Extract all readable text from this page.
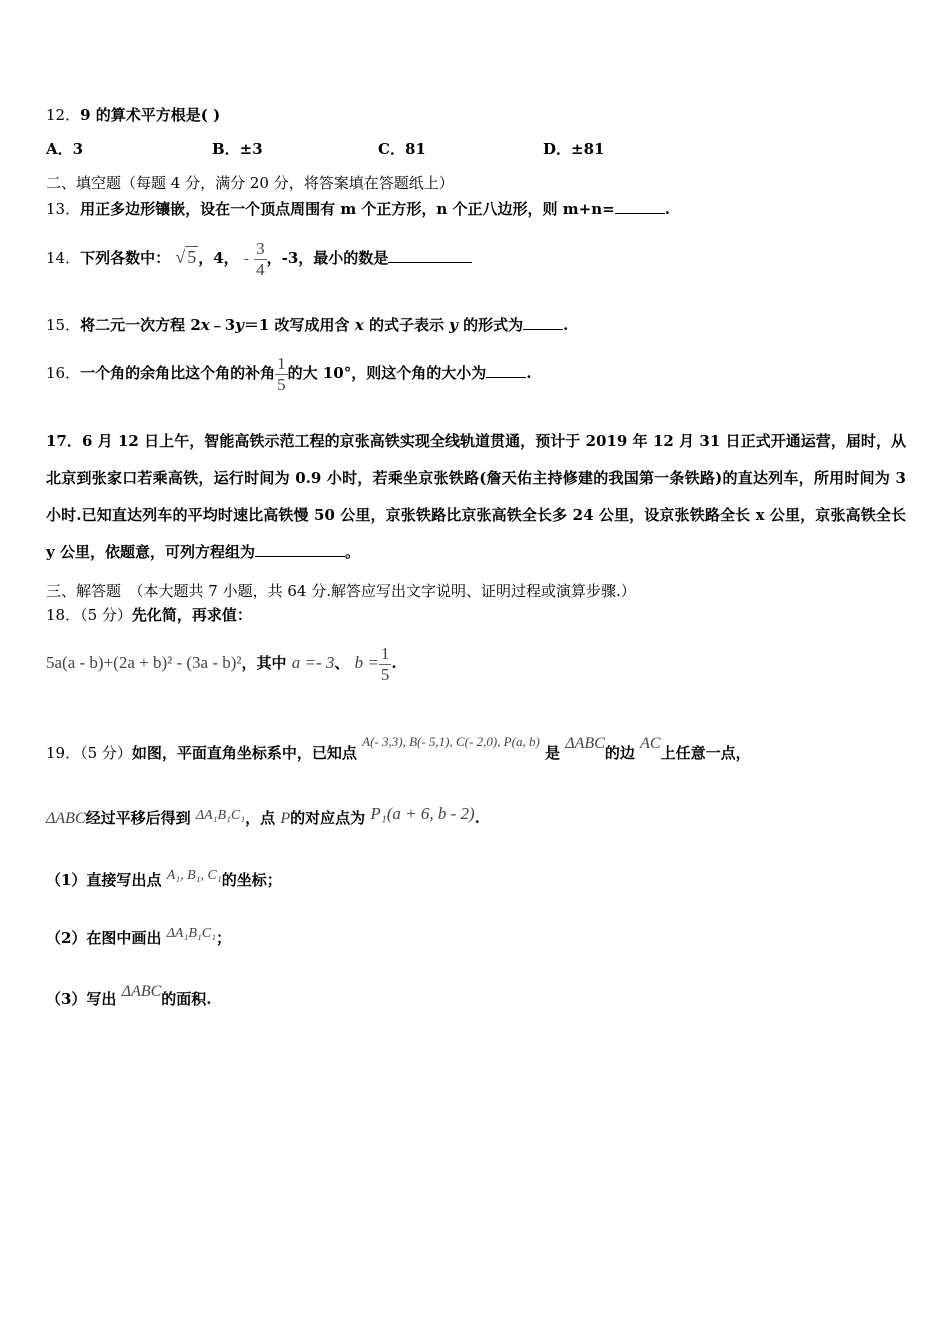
12．9 的算术平方根是( )
A．3	B．±3	C．81	D．±81
二、填空题（每题 4 分，满分 20 分，将答案填在答题纸上）
13．用正多边形镶嵌，设在一个顶点周围有 m 个正方形，n 个正八边形，则 m+n=	.
14．下列各数中： √ 5 ，4， - $\frac{3}{4}$ ，-3，最小的数是
15．将二元一次方程 2x﹣3y＝1 改写成用含 x 的式子表示 y 的形式为	.
16．一个角的余角比这个角的补角 $\frac{1}{5}$ 的大 10°，则这个角的大小为	.
17．6 月 12 日上午，智能高铁示范工程的京张高铁实现全线轨道贯通，预计于 2019 年 12 月 31 日正式开通运营，届时，从北京到张家口若乘高铁，运行时间为 0.9 小时，若乘坐京张铁路(詹天佑主持修建的我国第一条铁路)的直达列车，所用时间为 3 小时.已知直达列车的平均时速比高铁慢 50 公里，京张铁路比京张高铁全长多 24 公里，设京张铁路全长 x 公里，京张高铁全长 y 公里，依题意，可列方程组为	。
三、解答题　（本大题共 7 小题，共 64 分.解答应写出文字说明、证明过程或演算步骤.）
18．（5 分）先化简，再求值：
5a(a - b)+(2a + b)² - (3a - b)²，其中 a =- 3、 $b = \frac{1}{5}$ .
19．（5 分）如图，平面直角坐标系中，已知点 A(- 3,3), B(- 5,1), C(- 2,0), P(a, b) 是 ΔABC的边 AC上任意一点，
ΔABC经过平移后得到 ΔA₁B₁C₁，点 P的对应点为 P₁(a + 6, b - 2).
（1）直接写出点 A₁, B₁, C₁的坐标；
（2）在图中画出 ΔA₁B₁C₁；
（3）写出 ΔABC的面积.
